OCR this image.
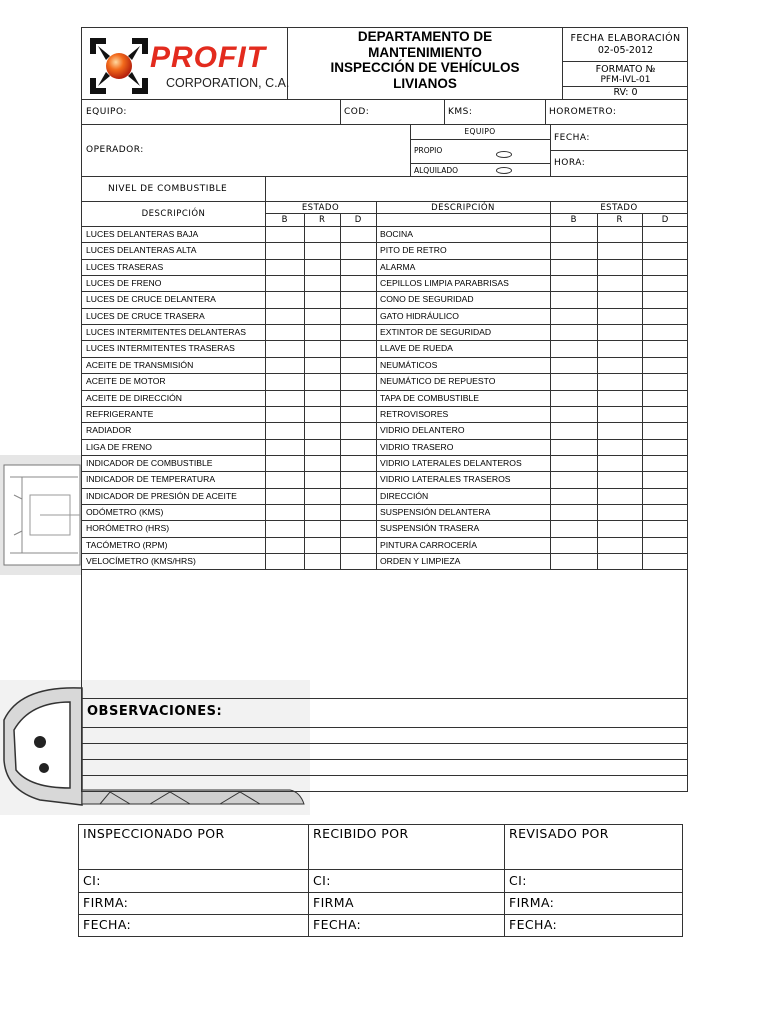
PROFIT
CORPORATION, C.A.
DEPARTAMENTO DE
MANTENIMIENTO
INSPECCIÓN DE VEHÍCULOS
LIVIANOS
FECHA ELABORACIÓN
02-05-2012
FORMATO №
PFM-IVL-01
RV: 0
EQUIPO:	COD:	KMS:	HOROMETRO:
OPERADOR:
EQUIPO
PROPIO
ALQUILADO
FECHA:
HORA:
NIVEL DE COMBUSTIBLE
DESCRIPCIÓN
ESTADO
B	R	D
DESCRIPCIÓN	ESTADO
B	R	D
LUCES DELANTERAS BAJA	BOCINA
LUCES DELANTERAS ALTA	PITO DE RETRO
LUCES TRASERAS	ALARMA
LUCES DE FRENO	CEPILLOS LIMPIA PARABRISAS
LUCES DE CRUCE DELANTERA	CONO DE SEGURIDAD
LUCES DE CRUCE TRASERA	GATO HIDRÁULICO
LUCES INTERMITENTES DELANTERAS	EXTINTOR DE SEGURIDAD
LUCES INTERMITENTES TRASERAS	LLAVE DE RUEDA
ACEITE DE TRANSMISIÓN	NEUMÁTICOS
ACEITE DE MOTOR	NEUMÁTICO DE REPUESTO
ACEITE DE DIRECCIÓN	TAPA DE COMBUSTIBLE
REFRIGERANTE	RETROVISORES
RADIADOR	VIDRIO DELANTERO
LIGA DE FRENO	VIDRIO TRASERO
INDICADOR DE COMBUSTIBLE	VIDRIO LATERALES DELANTEROS
INDICADOR DE TEMPERATURA	VIDRIO LATERALES TRASEROS
INDICADOR DE PRESIÓN DE ACEITE	DIRECCIÓN
ODÓMETRO (KMS)	SUSPENSIÓN DELANTERA
HORÓMETRO (HRS)	SUSPENSIÓN TRASERA
TACÓMETRO (RPM)	PINTURA CARROCERÍA
VELOCÍMETRO (KMS/HRS)	ORDEN Y LIMPIEZA
OBSERVACIONES:
INSPECCIONADO POR	RECIBIDO POR	REVISADO POR
CI:	CI:	CI:
FIRMA:	FIRMA	FIRMA:
FECHA:	FECHA:	FECHA:
